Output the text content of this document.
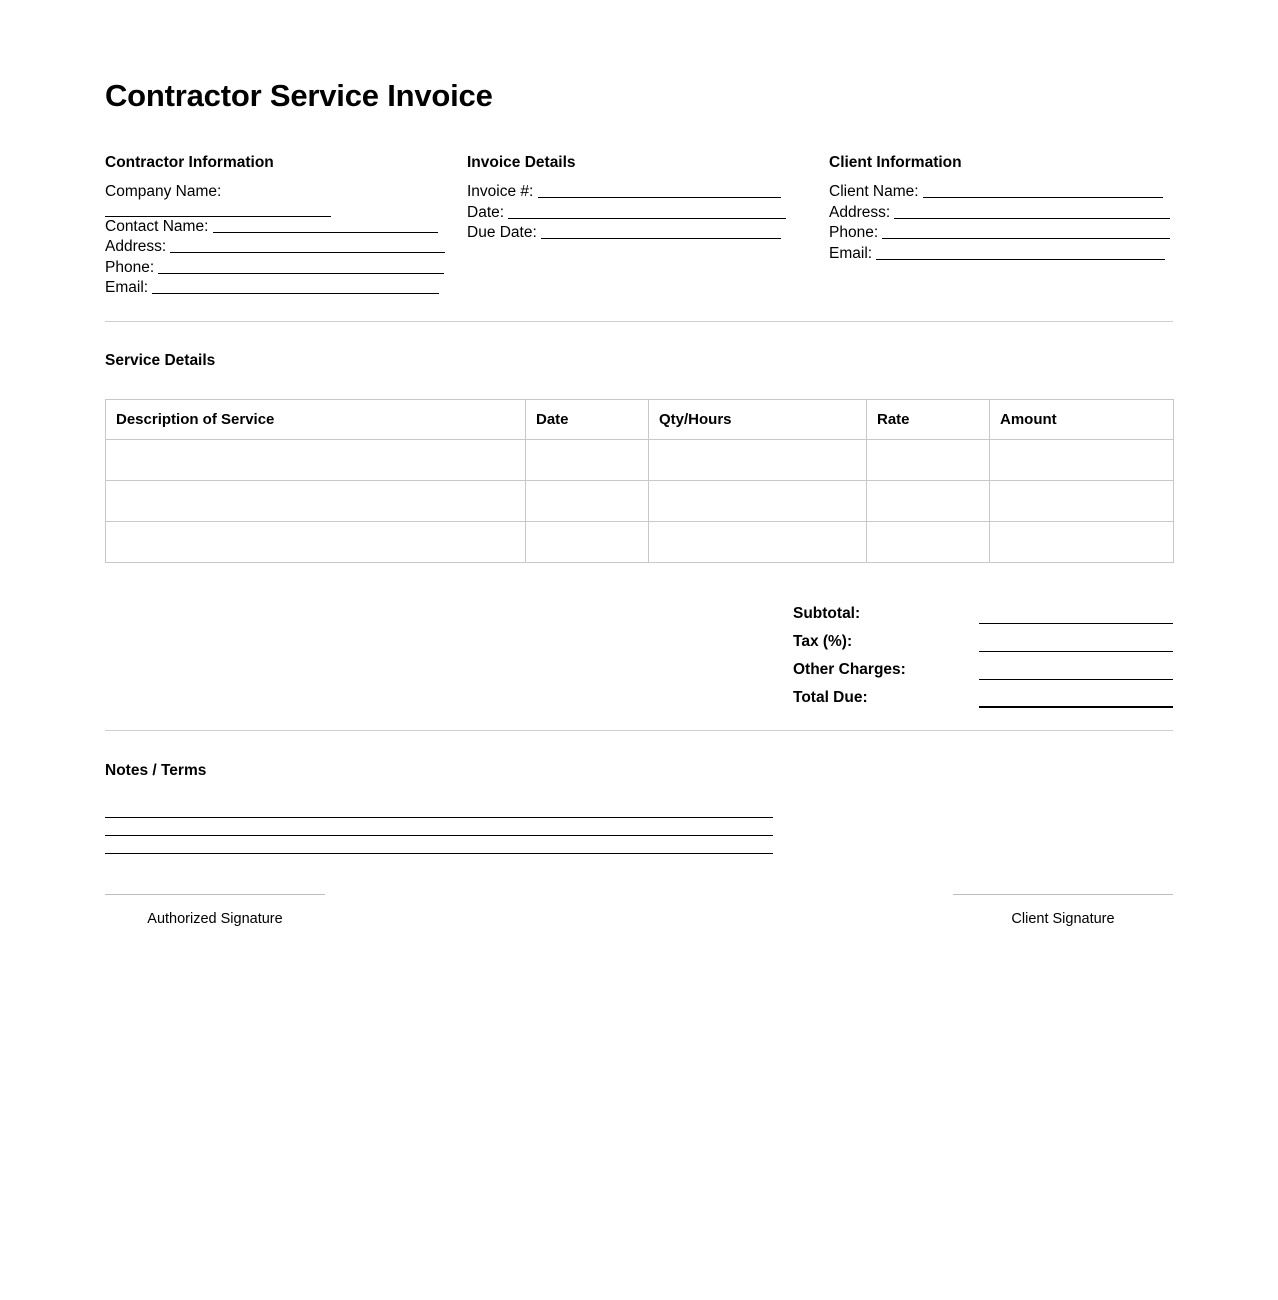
Contractor Service Invoice
Contractor Information
Company Name:
Contact Name:
Address:
Phone:
Email:
Invoice Details
Invoice #:
Date:
Due Date:
Client Information
Client Name:
Address:
Phone:
Email:
Service Details
Description of Service	Date	Qty/Hours	Rate	Amount

Subtotal:
Tax (%):
Other Charges:
Total Due:
Notes / Terms
Authorized Signature	Client Signature
